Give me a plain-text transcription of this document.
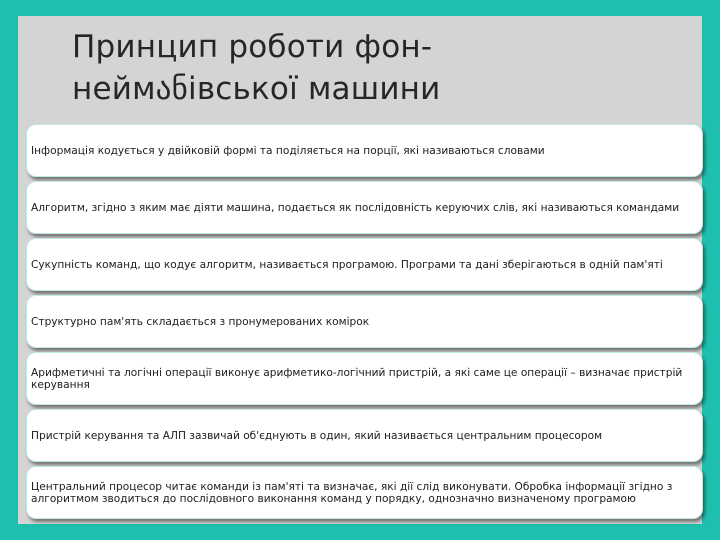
Принцип роботи фон-неймანівської машини
Інформація кодується у двійковій формі та поділяється на порції, які називаються словами
Алгоритм, згідно з яким має діяти машина, подається як послідовність керуючих слів, які називаються командами
Сукупність команд, що кодує алгоритм, називається програмою. Програми та дані зберігаються в одній пам'яті
Структурно пам'ять складається з пронумерованих комірок
Арифметичні та логічні операції виконує арифметико-логічний пристрій, а які саме це операції – визначає пристрій керування
Пристрій керування та АЛП зазвичай об'єднують в один, який називається центральним процесором
Центральний процесор читає команди із пам'яті та визначає, які дії слід виконувати. Обробка інформації згідно з алгоритмом зводиться до послідовного виконання команд у порядку, однозначно визначеному програмою
